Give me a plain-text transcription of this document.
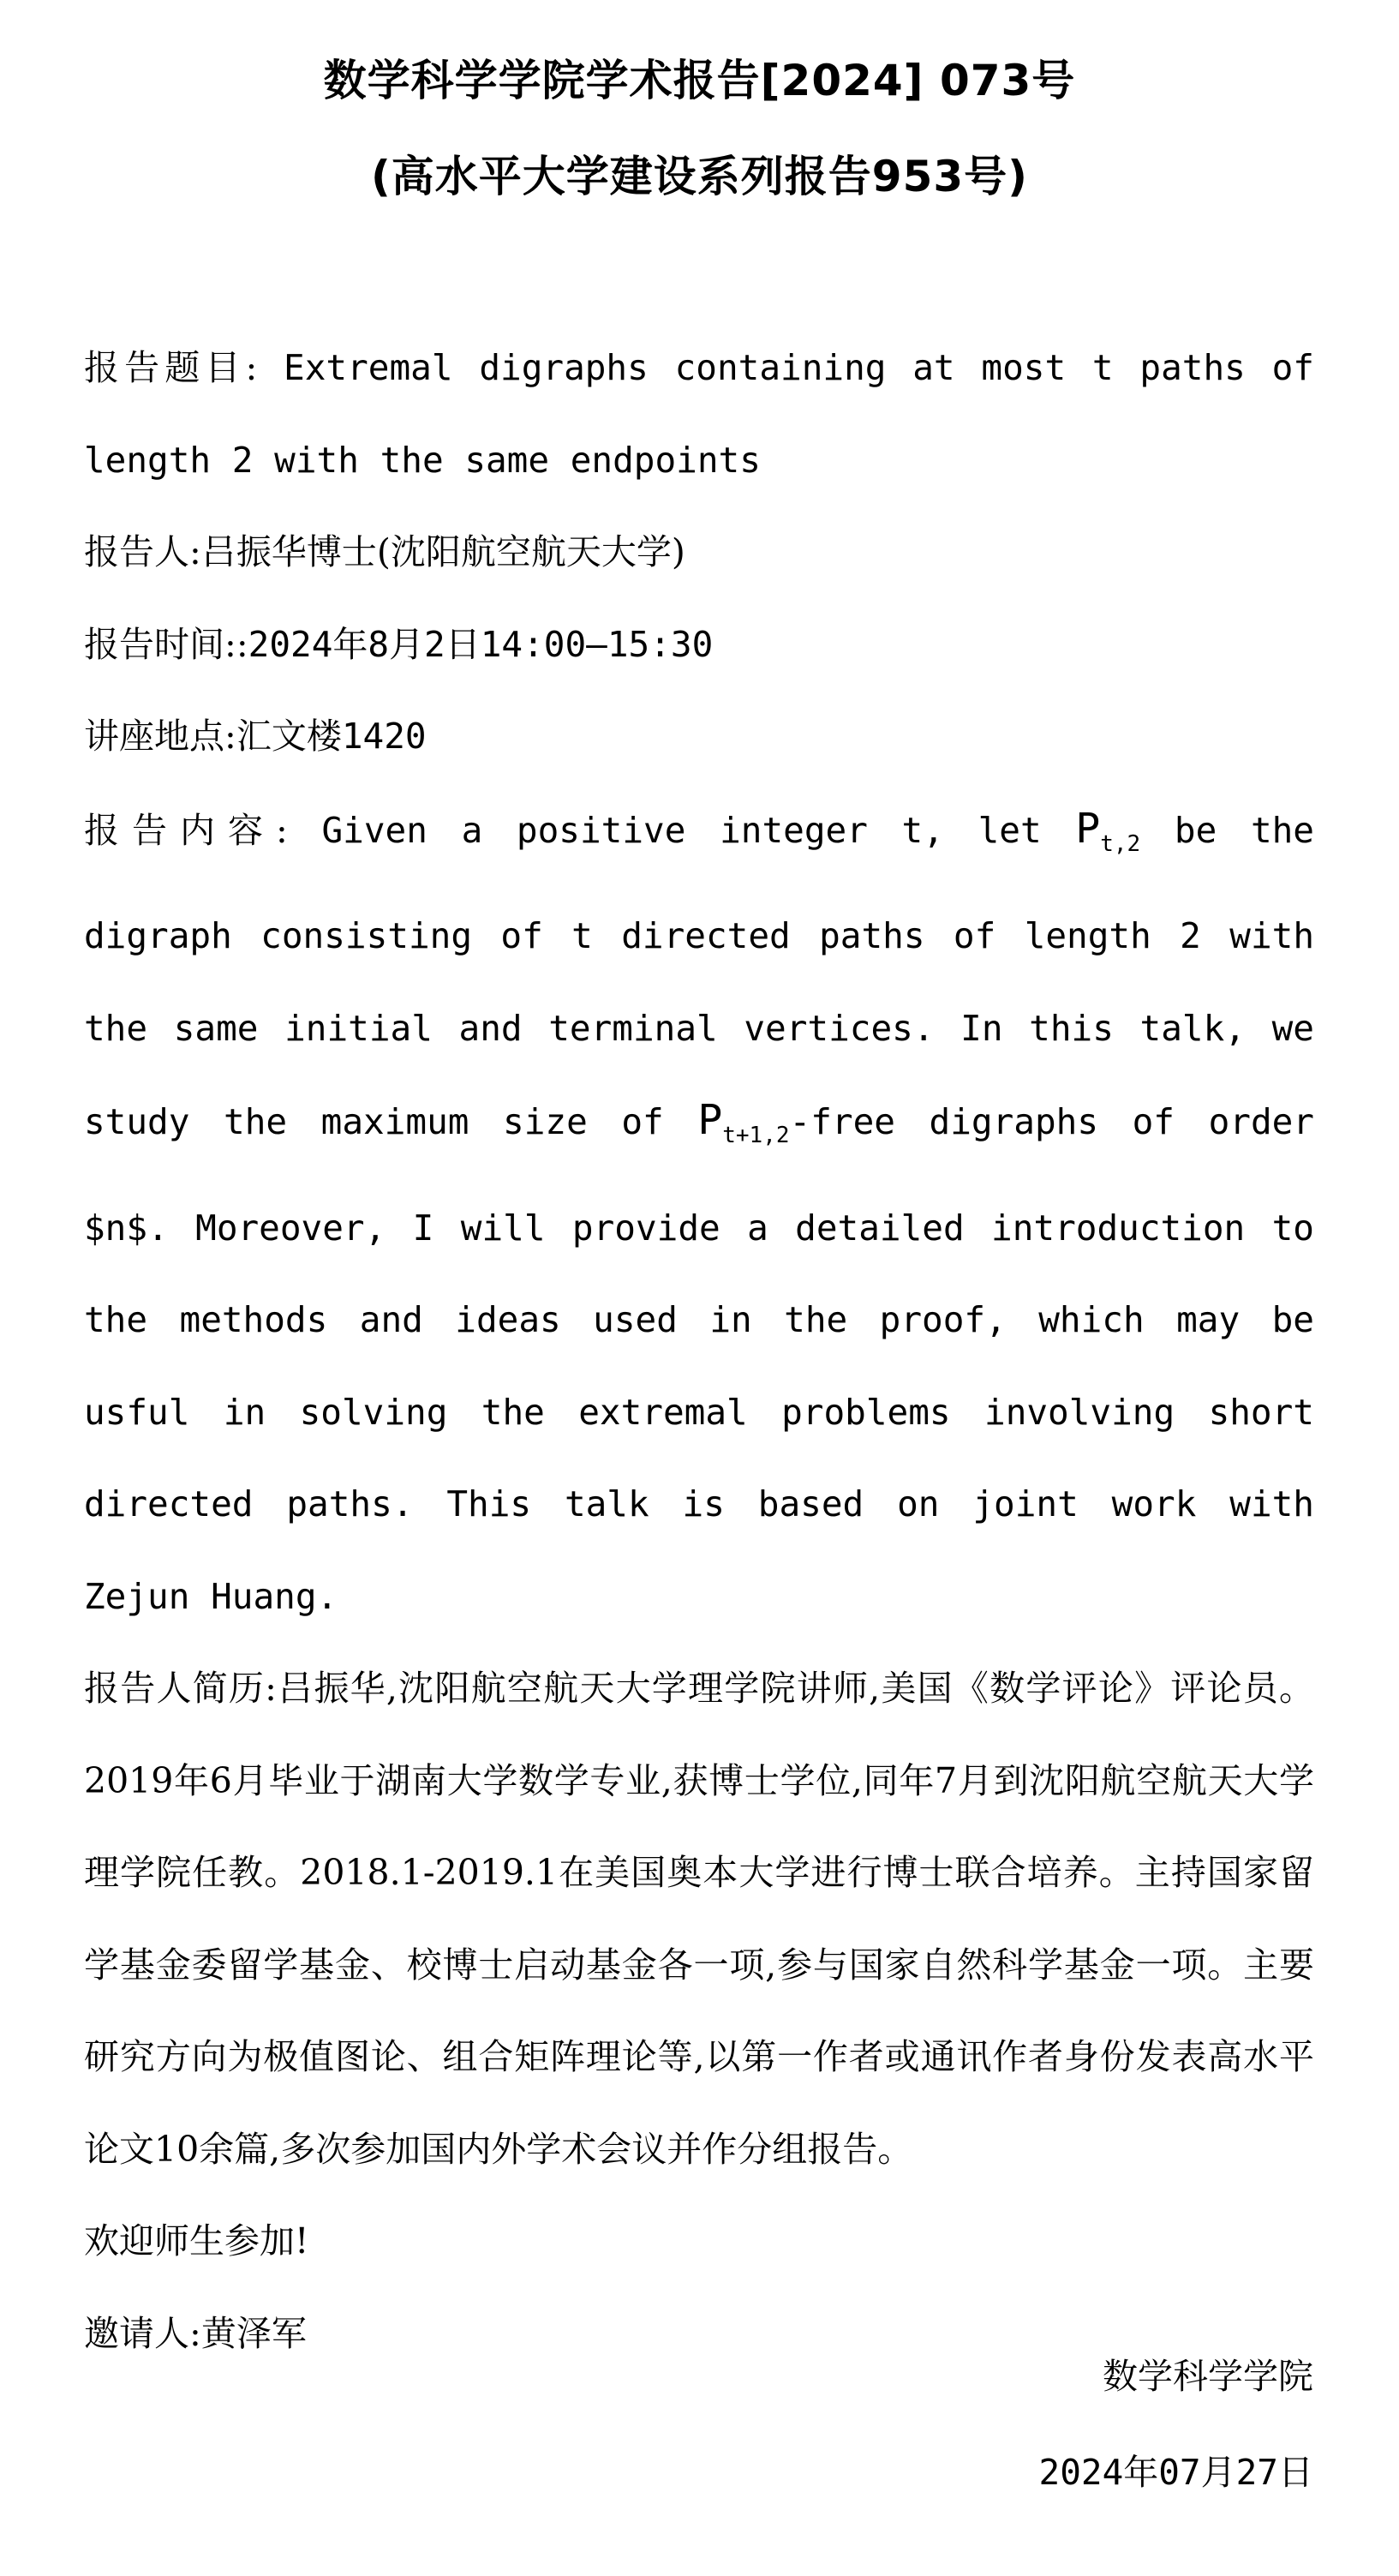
数学科学学院学术报告[2024] 073号
(高水平大学建设系列报告953号)

报告题目: Extremal digraphs containing at most t paths of length 2 with the same endpoints

报告人:吕振华博士(沈阳航空航天大学)

报告时间::2024年8月2日14:00—15:30

讲座地点:汇文楼1420

报告内容: Given a positive integer t, let $P_{t,2}$ be the digraph consisting of t directed paths of length 2 with the same initial and terminal vertices. In this talk, we study the maximum size of $P_{t+1,2}$-free digraphs of order $n$. Moreover, I will provide a detailed introduction to the methods and ideas used in the proof, which may be usful in solving the extremal problems involving short directed paths. This talk is based on joint work with Zejun Huang.

报告人简历:吕振华,沈阳航空航天大学理学院讲师,美国《数学评论》评论员。2019年6月毕业于湖南大学数学专业,获博士学位,同年7月到沈阳航空航天大学理学院任教。2018.1-2019.1在美国奥本大学进行博士联合培养。主持国家留学基金委留学基金、校博士启动基金各一项,参与国家自然科学基金一项。主要研究方向为极值图论、组合矩阵理论等,以第一作者或通讯作者身份发表高水平论文10余篇,多次参加国内外学术会议并作分组报告。

欢迎师生参加!

邀请人:黄泽军

数学科学学院
2024年07月27日
